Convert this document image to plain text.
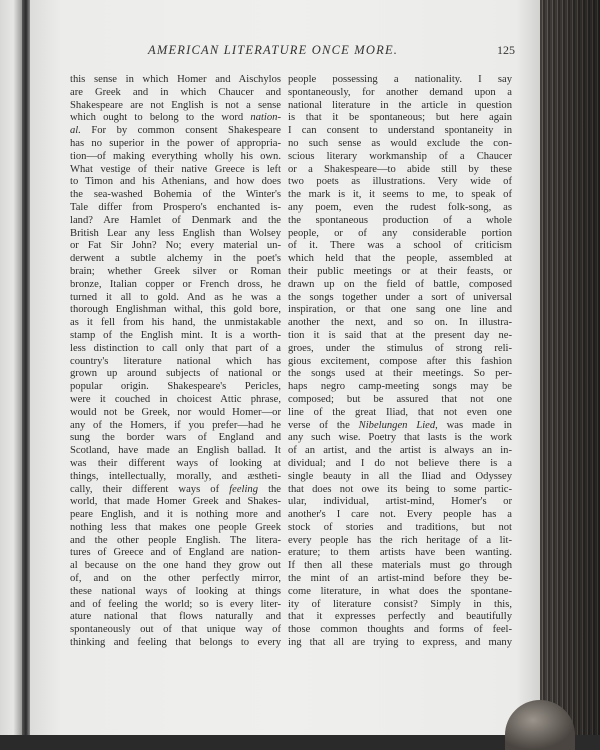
AMERICAN LITERATURE ONCE MORE.	125
this sense in which Homer and Aischylos
are Greek and in which Chaucer and
Shakespeare are not English is not a sense
which ought to belong to the word nation-
al. For by common consent Shakespeare
has no superior in the power of appropria-
tion—of making everything wholly his own.
What vestige of their native Greece is left
to Timon and his Athenians, and how does
the sea-washed Bohemia of the Winter's
Tale differ from Prospero's enchanted is-
land? Are Hamlet of Denmark and the
British Lear any less English than Wolsey
or Fat Sir John? No; every material un-
derwent a subtle alchemy in the poet's
brain; whether Greek silver or Roman
bronze, Italian copper or French dross, he
turned it all to gold. And as he was a
thorough Englishman withal, this gold bore,
as it fell from his hand, the unmistakable
stamp of the English mint. It is a worth-
less distinction to call only that part of a
country's literature national which has
grown up around subjects of national or
popular origin. Shakespeare's Pericles,
were it couched in choicest Attic phrase,
would not be Greek, nor would Homer—or
any of the Homers, if you prefer—had he
sung the border wars of England and
Scotland, have made an English ballad. It
was their different ways of looking at
things, intellectually, morally, and æstheti-
cally, their different ways of feeling the
world, that made Homer Greek and Shakes-
peare English, and it is nothing more and
nothing less that makes one people Greek
and the other people English. The litera-
tures of Greece and of England are nation-
al because on the one hand they grow out
of, and on the other perfectly mirror,
these national ways of looking at things
and of feeling the world; so is every liter-
ature national that flows naturally and
spontaneously out of that unique way of
thinking and feeling that belongs to every
people possessing a nationality. I say
spontaneously, for another demand upon a
national literature in the article in question
is that it be spontaneous; but here again
I can consent to understand spontaneity in
no such sense as would exclude the con-
scious literary workmanship of a Chaucer
or a Shakespeare—to abide still by these
two poets as illustrations. Very wide of
the mark is it, it seems to me, to speak of
any poem, even the rudest folk-song, as
the spontaneous production of a whole
people, or of any considerable portion
of it. There was a school of criticism
which held that the people, assembled at
their public meetings or at their feasts, or
drawn up on the field of battle, composed
the songs together under a sort of universal
inspiration, or that one sang one line and
another the next, and so on. In illustra-
tion it is said that at the present day ne-
groes, under the stimulus of strong reli-
gious excitement, compose after this fashion
the songs used at their meetings. So per-
haps negro camp-meeting songs may be
composed; but be assured that not one
line of the great Iliad, that not even one
verse of the Nibelungen Lied, was made in
any such wise. Poetry that lasts is the work
of an artist, and the artist is always an in-
dividual; and I do not believe there is a
single beauty in all the Iliad and Odyssey
that does not owe its being to some partic-
ular, individual, artist-mind, Homer's or
another's I care not. Every people has a
stock of stories and traditions, but not
every people has the rich heritage of a lit-
erature; to them artists have been wanting.
If then all these materials must go through
the mint of an artist-mind before they be-
come literature, in what does the spontane-
ity of literature consist? Simply in this,
that it expresses perfectly and beautifully
those common thoughts and forms of feel-
ing that all are trying to express, and many
